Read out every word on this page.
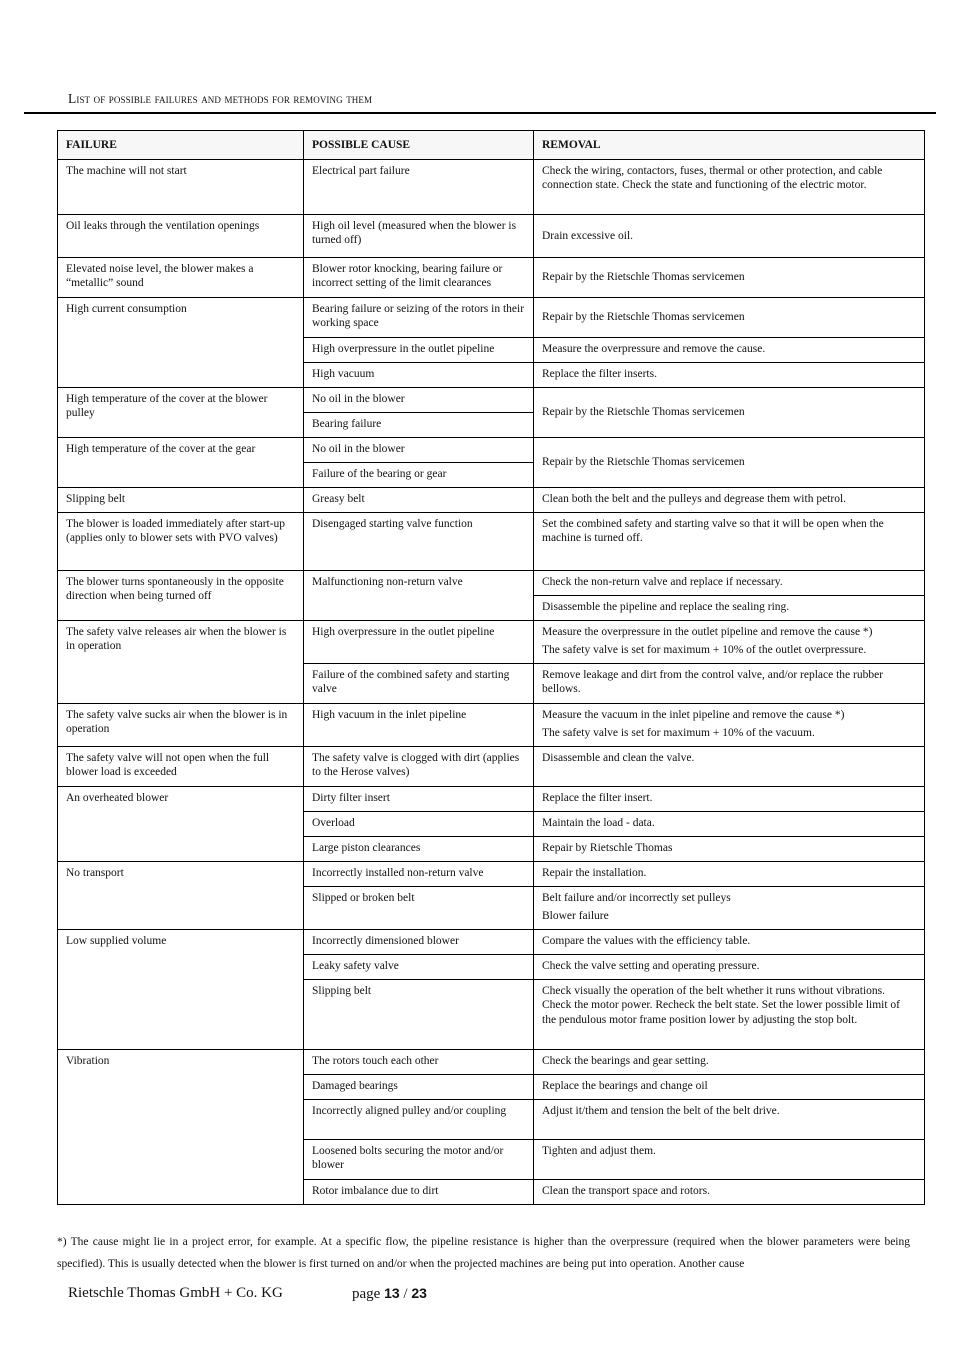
List of possible failures and methods for removing them
FAILURE	POSSIBLE CAUSE	REMOVAL
The machine will not start	Electrical part failure	Check the wiring, contactors, fuses, thermal or other protection, and cable connection state. Check the state and functioning of the electric motor.

Oil leaks through the ventilation openings	High oil level (measured when the blower is turned off)	Drain excessive oil.

Elevated noise level, the blower makes a “metallic” sound	Blower rotor knocking, bearing failure or incorrect setting of the limit clearances	Repair by the Rietschle Thomas servicemen

High current consumption	Bearing failure or seizing of the rotors in their working space	Repair by the Rietschle Thomas servicemen

	High overpressure in the outlet pipeline	Measure the overpressure and remove the cause.

	High vacuum	Replace the filter inserts.

High temperature of the cover at the blower pulley	No oil in the blower	Repair by the Rietschle Thomas servicemen

	Bearing failure	
High temperature of the cover at the gear	No oil in the blower	Repair by the Rietschle Thomas servicemen

	Failure of the bearing or gear	
Slipping belt	Greasy belt	Clean both the belt and the pulleys and degrease them with petrol.

The blower is loaded immediately after start-up (applies only to blower sets with PVO valves)	Disengaged starting valve function	Set the combined safety and starting valve so that it will be open when the machine is turned off.

The blower turns spontaneously in the opposite direction when being turned off	Malfunctioning non-return valve	Check the non-return valve and replace if necessary.

		Disassemble the pipeline and replace the sealing ring.

The safety valve releases air when the blower is in operation	High overpressure in the outlet pipeline	Measure the overpressure in the outlet pipeline and remove the cause *)
The safety valve is set for maximum + 10% of the outlet overpressure.

	Failure of the combined safety and starting valve	Remove leakage and dirt from the control valve, and/or replace the rubber bellows.

The safety valve sucks air when the blower is in operation	High vacuum in the inlet pipeline	Measure the vacuum in the inlet pipeline and remove the cause *)
The safety valve is set for maximum + 10% of the vacuum.

The safety valve will not open when the full blower load is exceeded	The safety valve is clogged with dirt (applies to the Herose valves)	Disassemble and clean the valve.

An overheated blower	Dirty filter insert	Replace the filter insert.

	Overload	Maintain the load - data.

	Large piston clearances	Repair by Rietschle Thomas

No transport	Incorrectly installed non-return valve	Repair the installation.

	Slipped or broken belt	Belt failure and/or incorrectly set pulleys
Blower failure

Low supplied volume	Incorrectly dimensioned blower	Compare the values with the efficiency table.

	Leaky safety valve	Check the valve setting and operating pressure.

	Slipping belt	Check visually the operation of the belt whether it runs without vibrations. Check the motor power. Recheck the belt state. Set the lower possible limit of the pendulous motor frame position lower by adjusting the stop bolt.

Vibration	The rotors touch each other	Check the bearings and gear setting.

	Damaged bearings	Replace the bearings and change oil

	Incorrectly aligned pulley and/or coupling	Adjust it/them and tension the belt of the belt drive.

	Loosened bolts securing the motor and/or blower	Tighten and adjust them.

	Rotor imbalance due to dirt	Clean the transport space and rotors.
*) The cause might lie in a project error, for example. At a specific flow, the pipeline resistance is higher than the overpressure (required when the blower parameters were being specified). This is usually detected when the blower is first turned on and/or when the projected machines are being put into operation. Another cause
Rietschle Thomas GmbH + Co. KG	page 13 / 23
